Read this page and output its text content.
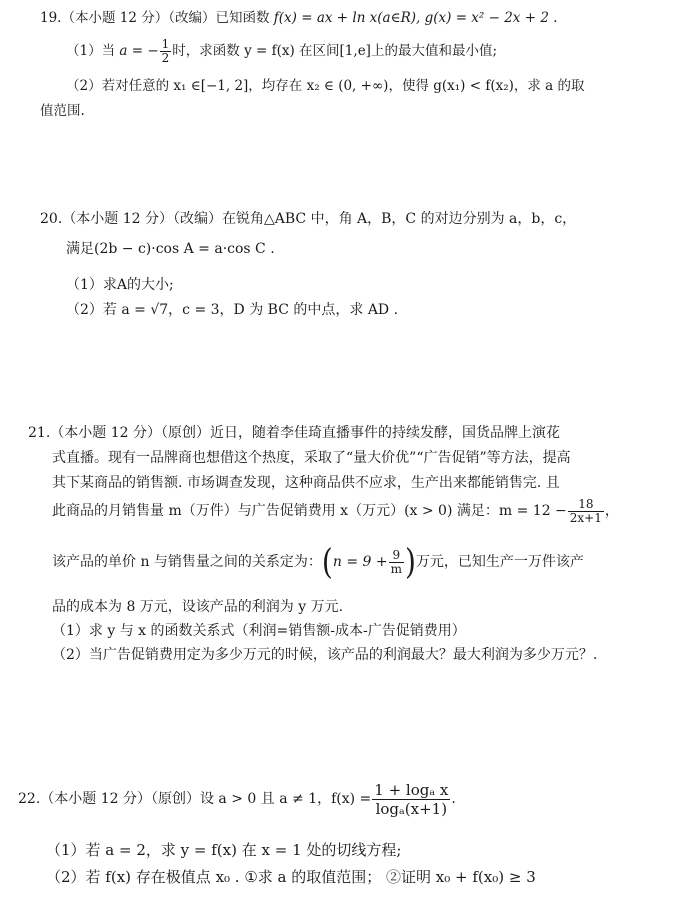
19.（本小题 12 分）（改编）已知函数 f(x) = ax + ln x(a∈R), g(x) = x² − 2x + 2 .
（1）当 a = − $\frac{1}{2}$ 时，求函数 y = f(x) 在区间[1,e]上的最大值和最小值;
（2）若对任意的 x₁ ∈[−1, 2]，均存在 x₂ ∈ (0, +∞)，使得 g(x₁) < f(x₂)，求 a 的取
值范围.
20.（本小题 12 分）（改编）在锐角△ABC 中，角 A，B，C 的对边分别为 a，b，c，
满足(2b − c)·cos A = a·cos C .
（1）求A的大小;
（2）若 a = √7，c = 3，D 为 BC 的中点，求 AD .
21.（本小题 12 分）（原创）近日，随着李佳琦直播事件的持续发酵，国货品牌上演花
式直播。现有一品牌商也想借这个热度，采取了“量大价优”“广告促销”等方法，提高
其下某商品的销售额. 市场调查发现，这种商品供不应求，生产出来都能销售完. 且
此商品的月销售量 m（万件）与广告促销费用 x（万元）(x > 0) 满足：$m = 12 - \frac{18}{2x+1}$ ，
该产品的单价 n 与销售量之间的关系定为：($n = 9 + \frac{9}{m}$ )万元，已知生产一万件该产
品的成本为 8 万元，设该产品的利润为 y 万元.
（1）求 y 与 x 的函数关系式（利润=销售额-成本-广告促销费用）
（2）当广告促销费用定为多少万元的时候，该产品的利润最大？最大利润为多少万元？.
22.（本小题 12 分）（原创）设 a > 0 且 a ≠ 1，$f(x) = \frac{\text{1 + logₐ x}}{\text{logₐ(x+1)}}$ .
（1）若 a = 2，求 y = f(x) 在 x = 1 处的切线方程;
（2）若 f(x) 存在极值点 x₀ . ①求 a 的取值范围； ②证明 x₀ + f(x₀) ≥ 3
